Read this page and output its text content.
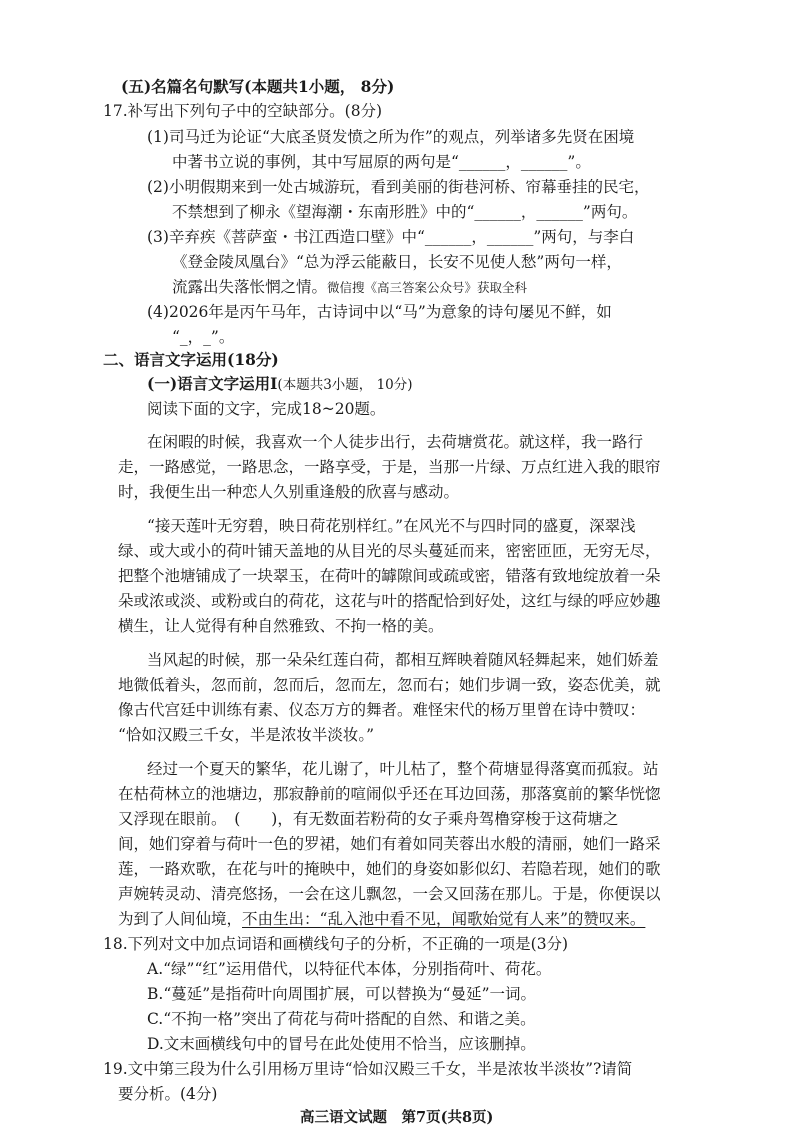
(五)名篇名句默写(本题共1小题， 8分)
17.补写出下列句子中的空缺部分。(8分)
(1)司马迁为论证“大底圣贤发愤之所为作”的观点，列举诸多先贤在困境
中著书立说的事例，其中写屈原的两句是“______，______”。
(2)小明假期来到一处古城游玩，看到美丽的街巷河桥、帘幕垂挂的民宅，
不禁想到了柳永《望海潮・东南形胜》中的“______，______”两句。
(3)辛弃疾《菩萨蛮・书江西造口壁》中“______，______”两句，与李白
《登金陵凤凰台》“总为浮云能蔽日，长安不见使人愁”两句一样，
流露出失落怅惘之情。微信搜《高三答案公众号》获取全科
(4)2026年是丙午马年，古诗词中以“马”为意象的诗句屡见不鲜，如
“_，_”。
二、语言文字运用(18分)
(一)语言文字运用Ⅰ(本题共3小题， 10分)
阅读下面的文字，完成18~20题。
在闲暇的时候，我喜欢一个人徒步出行，去荷塘赏花。就这样，我一路行
走，一路感觉，一路思念，一路享受，于是，当那一片绿、万点红进入我的眼帘
时，我便生出一种恋人久别重逢般的欣喜与感动。
“接天莲叶无穷碧，映日荷花别样红。”在风光不与四时同的盛夏，深翠浅
绿、或大或小的荷叶铺天盖地的从目光的尽头蔓延而来，密密匝匝，无穷无尽，
把整个池塘铺成了一块翠玉，在荷叶的罅隙间或疏或密，错落有致地绽放着一朵
朵或浓或淡、或粉或白的荷花，这花与叶的搭配恰到好处，这红与绿的呼应妙趣
横生，让人觉得有种自然雅致、不拘一格的美。
当风起的时候，那一朵朵红莲白荷，都相互辉映着随风轻舞起来，她们娇羞
地微低着头，忽而前，忽而后，忽而左，忽而右；她们步调一致，姿态优美，就
像古代宫廷中训练有素、仪态万方的舞者。难怪宋代的杨万里曾在诗中赞叹：
“恰如汉殿三千女，半是浓妆半淡妆。”
经过一个夏天的繁华，花儿谢了，叶儿枯了，整个荷塘显得落寞而孤寂。站
在枯荷林立的池塘边，那寂静前的喧闹似乎还在耳边回荡，那落寞前的繁华恍惚
又浮现在眼前。　(　　)，有无数面若粉荷的女子乘舟驾橹穿梭于这荷塘之
间，她们穿着与荷叶一色的罗裙，她们有着如同芙蓉出水般的清丽，她们一路采
莲，一路欢歌，在花与叶的掩映中，她们的身姿如影似幻、若隐若现，她们的歌
声婉转灵动、清亮悠扬，一会在这儿飘忽，一会又回荡在那儿。于是，你便误以
为到了人间仙境，不由生出：“乱入池中看不见，闻歌始觉有人来”的赞叹来。
18.下列对文中加点词语和画横线句子的分析，不正确的一项是(3分)
A.“绿”“红”运用借代，以特征代本体，分别指荷叶、荷花。
B.“蔓延”是指荷叶向周围扩展，可以替换为“曼延”一词。
C.“不拘一格”突出了荷花与荷叶搭配的自然、和谐之美。
D.文末画横线句中的冒号在此处使用不恰当，应该删掉。
19.文中第三段为什么引用杨万里诗“恰如汉殿三千女，半是浓妆半淡妆”?请简
要分析。(4分)
高三语文试题　第7页(共8页)
